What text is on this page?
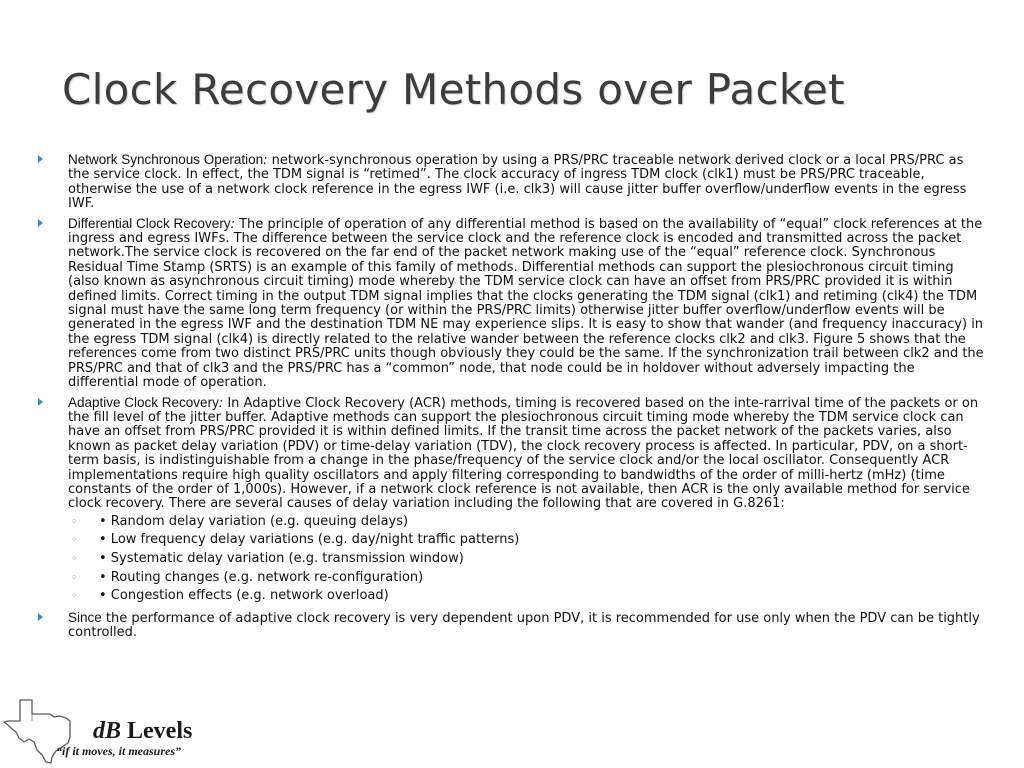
Clock Recovery Methods over Packet

Network Synchronous Operation: network-synchronous operation by using a PRS/PRC traceable network derived clock or a local PRS/PRC as the service clock. In effect, the TDM signal is “retimed”. The clock accuracy of ingress TDM clock (clk1) must be PRS/PRC traceable, otherwise the use of a network clock reference in the egress IWF (i.e. clk3) will cause jitter buffer overflow/underflow events in the egress IWF.

Differential Clock Recovery: The principle of operation of any differential method is based on the availability of “equal” clock references at the ingress and egress IWFs. The difference between the service clock and the reference clock is encoded and transmitted across the packet network.The service clock is recovered on the far end of the packet network making use of the “equal” reference clock. Synchronous Residual Time Stamp (SRTS) is an example of this family of methods. Differential methods can support the plesiochronous circuit timing (also known as asynchronous circuit timing) mode whereby the TDM service clock can have an offset from PRS/PRC provided it is within defined limits. Correct timing in the output TDM signal implies that the clocks generating the TDM signal (clk1) and retiming (clk4) the TDM signal must have the same long term frequency (or within the PRS/PRC limits) otherwise jitter buffer overflow/underflow events will be generated in the egress IWF and the destination TDM NE may experience slips. It is easy to show that wander (and frequency inaccuracy) in the egress TDM signal (clk4) is directly related to the relative wander between the reference clocks clk2 and clk3. Figure 5 shows that the references come from two distinct PRS/PRC units though obviously they could be the same. If the synchronization trail between clk2 and the PRS/PRC and that of clk3 and the PRS/PRC has a “common” node, that node could be in holdover without adversely impacting the differential mode of operation.

Adaptive Clock Recovery: In Adaptive Clock Recovery (ACR) methods, timing is recovered based on the inte-rarrival time of the packets or on the fill level of the jitter buffer. Adaptive methods can support the plesiochronous circuit timing mode whereby the TDM service clock can have an offset from PRS/PRC provided it is within defined limits. If the transit time across the packet network of the packets varies, also known as packet delay variation (PDV) or time-delay variation (TDV), the clock recovery process is affected. In particular, PDV, on a short-term basis, is indistinguishable from a change in the phase/frequency of the service clock and/or the local oscillator. Consequently ACR implementations require high quality oscillators and apply filtering corresponding to bandwidths of the order of milli-hertz (mHz) (time constants of the order of 1,000s). However, if a network clock reference is not available, then ACR is the only available method for service clock recovery. There are several causes of delay variation including the following that are covered in G.8261:

◦ • Random delay variation (e.g. queuing delays)

◦ • Low frequency delay variations (e.g. day/night traffic patterns)

◦ • Systematic delay variation (e.g. transmission window)

◦ • Routing changes (e.g. network re-configuration)

◦ • Congestion effects (e.g. network overload)

Since the performance of adaptive clock recovery is very dependent upon PDV, it is recommended for use only when the PDV can be tightly controlled.

dB Levels
“if it moves, it measures”
